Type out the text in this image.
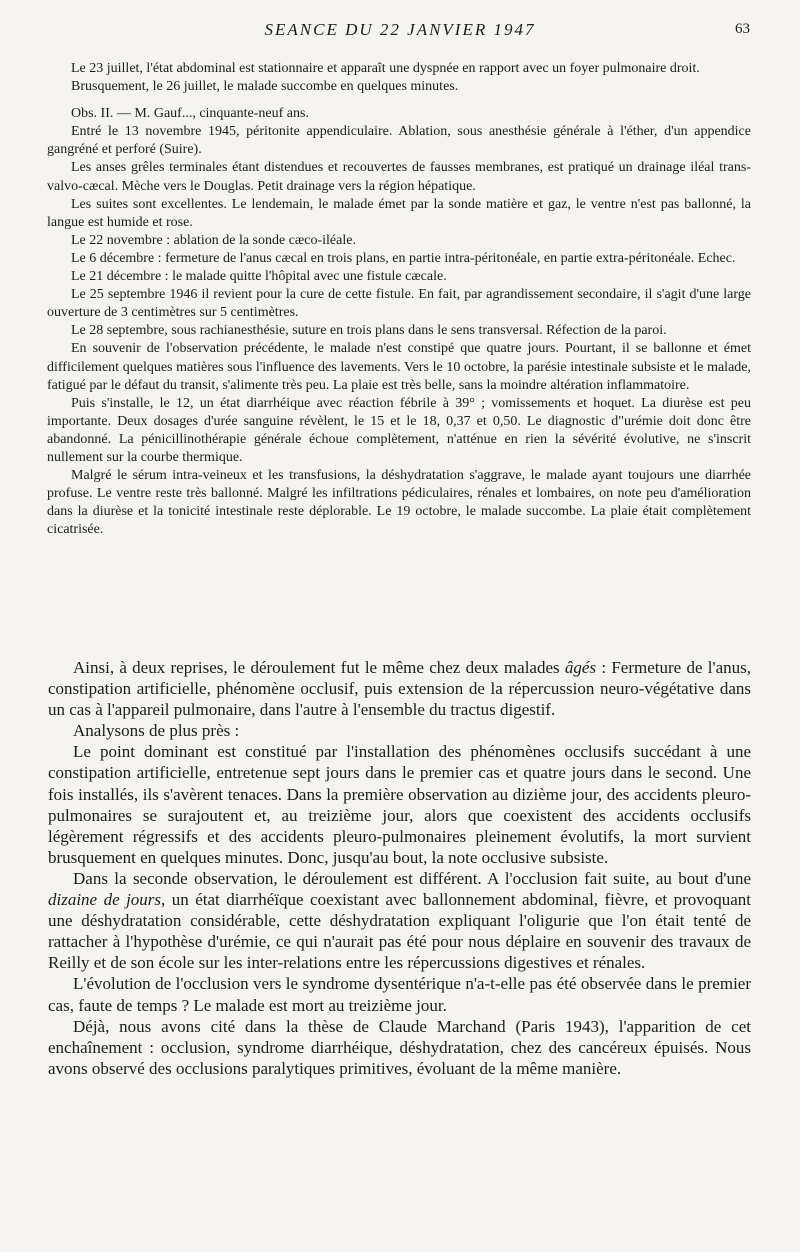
SEANCE DU 22 JANVIER 1947	63

Le 23 juillet, l'état abdominal est stationnaire et apparaît une dyspnée en rapport avec un foyer pulmonaire droit.

Brusquement, le 26 juillet, le malade succombe en quelques minutes.

Obs. II. — M. Gauf..., cinquante-neuf ans.

Entré le 13 novembre 1945, péritonite appendiculaire. Ablation, sous anesthésie générale à l'éther, d'un appendice gangréné et perforé (Suire).

Les anses grêles terminales étant distendues et recouvertes de fausses membranes, est pratiqué un drainage iléal trans-valvo-cæcal. Mèche vers le Douglas. Petit drainage vers la région hépatique.

Les suites sont excellentes. Le lendemain, le malade émet par la sonde matière et gaz, le ventre n'est pas ballonné, la langue est humide et rose.

Le 22 novembre : ablation de la sonde cæco-iléale.

Le 6 décembre : fermeture de l'anus cæcal en trois plans, en partie intra-péritonéale, en partie extra-péritonéale. Echec.

Le 21 décembre : le malade quitte l'hôpital avec une fistule cæcale.

Le 25 septembre 1946 il revient pour la cure de cette fistule. En fait, par agrandissement secondaire, il s'agit d'une large ouverture de 3 centimètres sur 5 centimètres.

Le 28 septembre, sous rachianesthésie, suture en trois plans dans le sens transversal. Réfection de la paroi.

En souvenir de l'observation précédente, le malade n'est constipé que quatre jours. Pourtant, il se ballonne et émet difficilement quelques matières sous l'influence des lavements. Vers le 10 octobre, la parésie intestinale subsiste et le malade, fatigué par le défaut du transit, s'alimente très peu. La plaie est très belle, sans la moindre altération inflammatoire.

Puis s'installe, le 12, un état diarrhéique avec réaction fébrile à 39° ; vomissements et hoquet. La diurèse est peu importante. Deux dosages d'urée sanguine révèlent, le 15 et le 18, 0,37 et 0,50. Le diagnostic d"urémie doit donc être abandonné. La pénicillinothérapie générale échoue complètement, n'atténue en rien la sévérité évolutive, ne s'inscrit nullement sur la courbe thermique.

Malgré le sérum intra-veineux et les transfusions, la déshydratation s'aggrave, le malade ayant toujours une diarrhée profuse. Le ventre reste très ballonné. Malgré les infiltrations pédiculaires, rénales et lombaires, on note peu d'amélioration dans la diurèse et la tonicité intestinale reste déplorable. Le 19 octobre, le malade succombe. La plaie était complètement cicatrisée.

Ainsi, à deux reprises, le déroulement fut le même chez deux malades âgés : Fermeture de l'anus, constipation artificielle, phénomène occlusif, puis extension de la répercussion neuro-végétative dans un cas à l'appareil pulmonaire, dans l'autre à l'ensemble du tractus digestif.

Analysons de plus près :

Le point dominant est constitué par l'installation des phénomènes occlusifs succédant à une constipation artificielle, entretenue sept jours dans le premier cas et quatre jours dans le second. Une fois installés, ils s'avèrent tenaces. Dans la première observation au dizième jour, des accidents pleuro-pulmonaires se surajoutent et, au treizième jour, alors que coexistent des accidents occlusifs légèrement régressifs et des accidents pleuro-pulmonaires pleinement évolutifs, la mort survient brusquement en quelques minutes. Donc, jusqu'au bout, la note occlusive subsiste.

Dans la seconde observation, le déroulement est différent. A l'occlusion fait suite, au bout d'une dizaine de jours, un état diarrhéïque coexistant avec ballonnement abdominal, fièvre, et provoquant une déshydratation considérable, cette déshydratation expliquant l'oligurie que l'on était tenté de rattacher à l'hypothèse d'urémie, ce qui n'aurait pas été pour nous déplaire en souvenir des travaux de Reilly et de son école sur les inter-relations entre les répercussions digestives et rénales.

L'évolution de l'occlusion vers le syndrome dysentérique n'a-t-elle pas été observée dans le premier cas, faute de temps ? Le malade est mort au treizième jour.

Déjà, nous avons cité dans la thèse de Claude Marchand (Paris 1943), l'apparition de cet enchaînement : occlusion, syndrome diarrhéique, déshydratation, chez des cancéreux épuisés. Nous avons observé des occlusions paralytiques primitives, évoluant de la même manière.
